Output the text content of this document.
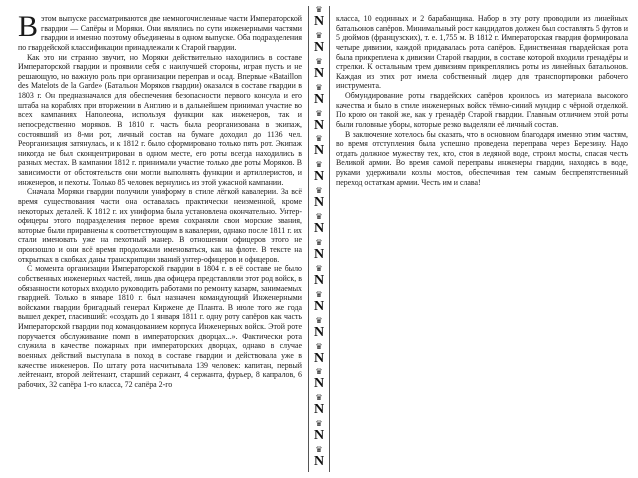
Вэтом выпуске рассматриваются две немногочисленные части Императорской гвардии — Сапёры и Моряки. Они являлись по сути инженерными частями гвардии и именно поэтому объединены в одном выпуске. Оба подразделения по гвардейской классификации принадлежали к Старой гвардии.

Как это ни странно звучит, но Моряки действительно находились в составе Императорской гвардии и проявили себя с наилучшей стороны, играя пусть и не решающую, но важную роль при организации переправ и осад. Впервые «Bataillon des Matelots de la Garde» (Батальон Моряков гвардии) оказался в составе гвардии в 1803 г. Он предназначался для обеспечения безопасности первого консула и его штаба на кораблях при вторжении в Англию и в дальнейшем принимал участие во всех кампаниях Наполеона, используя функции как инженеров, так и непосредственно моряков. В 1810 г. часть была реорганизована в экипаж, состоявший из 8-ми рот, личный состав на бумаге доходил до 1136 чел. Реорганизация затянулась, и к 1812 г. было сформировано только пять рот. Экипаж никогда не был сконцентрирован в одном месте, его роты всегда находились в разных местах. В кампании 1812 г. принимали участие только две роты Моряков. В зависимости от обстоятельств они могли выполнять функции и артиллеристов, и инженеров, и пехоты. Только 85 человек вернулись из этой ужасной кампании.

Сначала Моряки гвардии получили униформу в стиле лёгкой кавалерии. За всё время существования части она оставалась практически неизменной, кроме некоторых деталей. К 1812 г. их униформа была установлена окончательно. Унтер-офицеры этого подразделения первое время сохраняли свои морские звания, которые были приравнены к соответствующим в кавалерии, однако после 1811 г. их стали именовать уже на пехотный манер. В отношении офицеров этого не произошло и они всё время продолжали именоваться, как на флоте. В тексте на открытках в скобках даны транскрипции званий унтер-офицеров и офицеров.

С момента организации Императорской гвардии в 1804 г. в её составе не было собственных инженерных частей, лишь два офицера представляли этот род войск, в обязанности которых входило руководить работами по ремонту казарм, занимаемых гвардией. Только в январе 1810 г. был назначен командующий Инженерными войсками гвардии бригадный генерал Киржене де Планта. В июле того же года вышел декрет, гласивший: «создать до 1 января 1811 г. одну роту сапёров как часть Императорской гвардии под командованием корпуса Инженерных войск. Этой роте поручается обслуживание помп в императорских дворцах...». Фактически рота служила в качестве пожарных при императорских дворцах, однако в случае военных действий выступала в поход в составе гвардии и действовала уже в качестве инженеров. По штату рота насчитывала 139 человек: капитан, первый лейтенант, второй лейтенант, старший сержант, 4 сержанта, фурьер, 8 капралов, 6 рабочих, 32 сапёра 1-го класса, 72 сапёра 2-го

♛
N
♛
N
♛
N
♛
N
♛
N
♛
N
♛
N
♛
N
♛
N
♛
N
♛
N
♛
N
♛
N
♛
N
♛
N
♛
N
♛
N
♛
N

класса, 10 еодинных и 2 барабанщика. Набор в эту роту проводили из линейных батальонов сапёров. Минимальный рост кандидатов должен был составлять 5 футов и 5 дюймов (французских), т. е. 1,755 м. В 1812 г. Императорская гвардия формировала четыре дивизии, каждой придавалась рота сапёров. Единственная гвардейская рота была прикреплена к дивизии Старой гвардии, в составе которой входили гренадёры и стрелки. К остальным трем дивизиям прикреплялись роты из линейных батальонов. Каждая из этих рот имела собственный лидер для транспортировки рабочего инструмента.

Обмундирование роты гвардейских сапёров кроилось из материала высокого качества и было в стиле инженерных войск тёмно-синий мундир с чёрной отделкой. По крою он такой же, как у гренадёр Старой гвардии. Главным отличием этой роты были головные уборы, которые резко выделяли её личный состав.

В заключение хотелось бы сказать, что в основном благодаря именно этим частям, во время отступления была успешно проведена переправа через Березину. Надо отдать должное мужеству тех, кто, стоя в ледяной воде, строил мосты, спасая честь Великой армии. Во время самой переправы инженеры гвардии, находясь в воде, руками удерживали козлы мостов, обеспечивая тем самым беспрепятственный переход остаткам армии. Честь им и слава!
